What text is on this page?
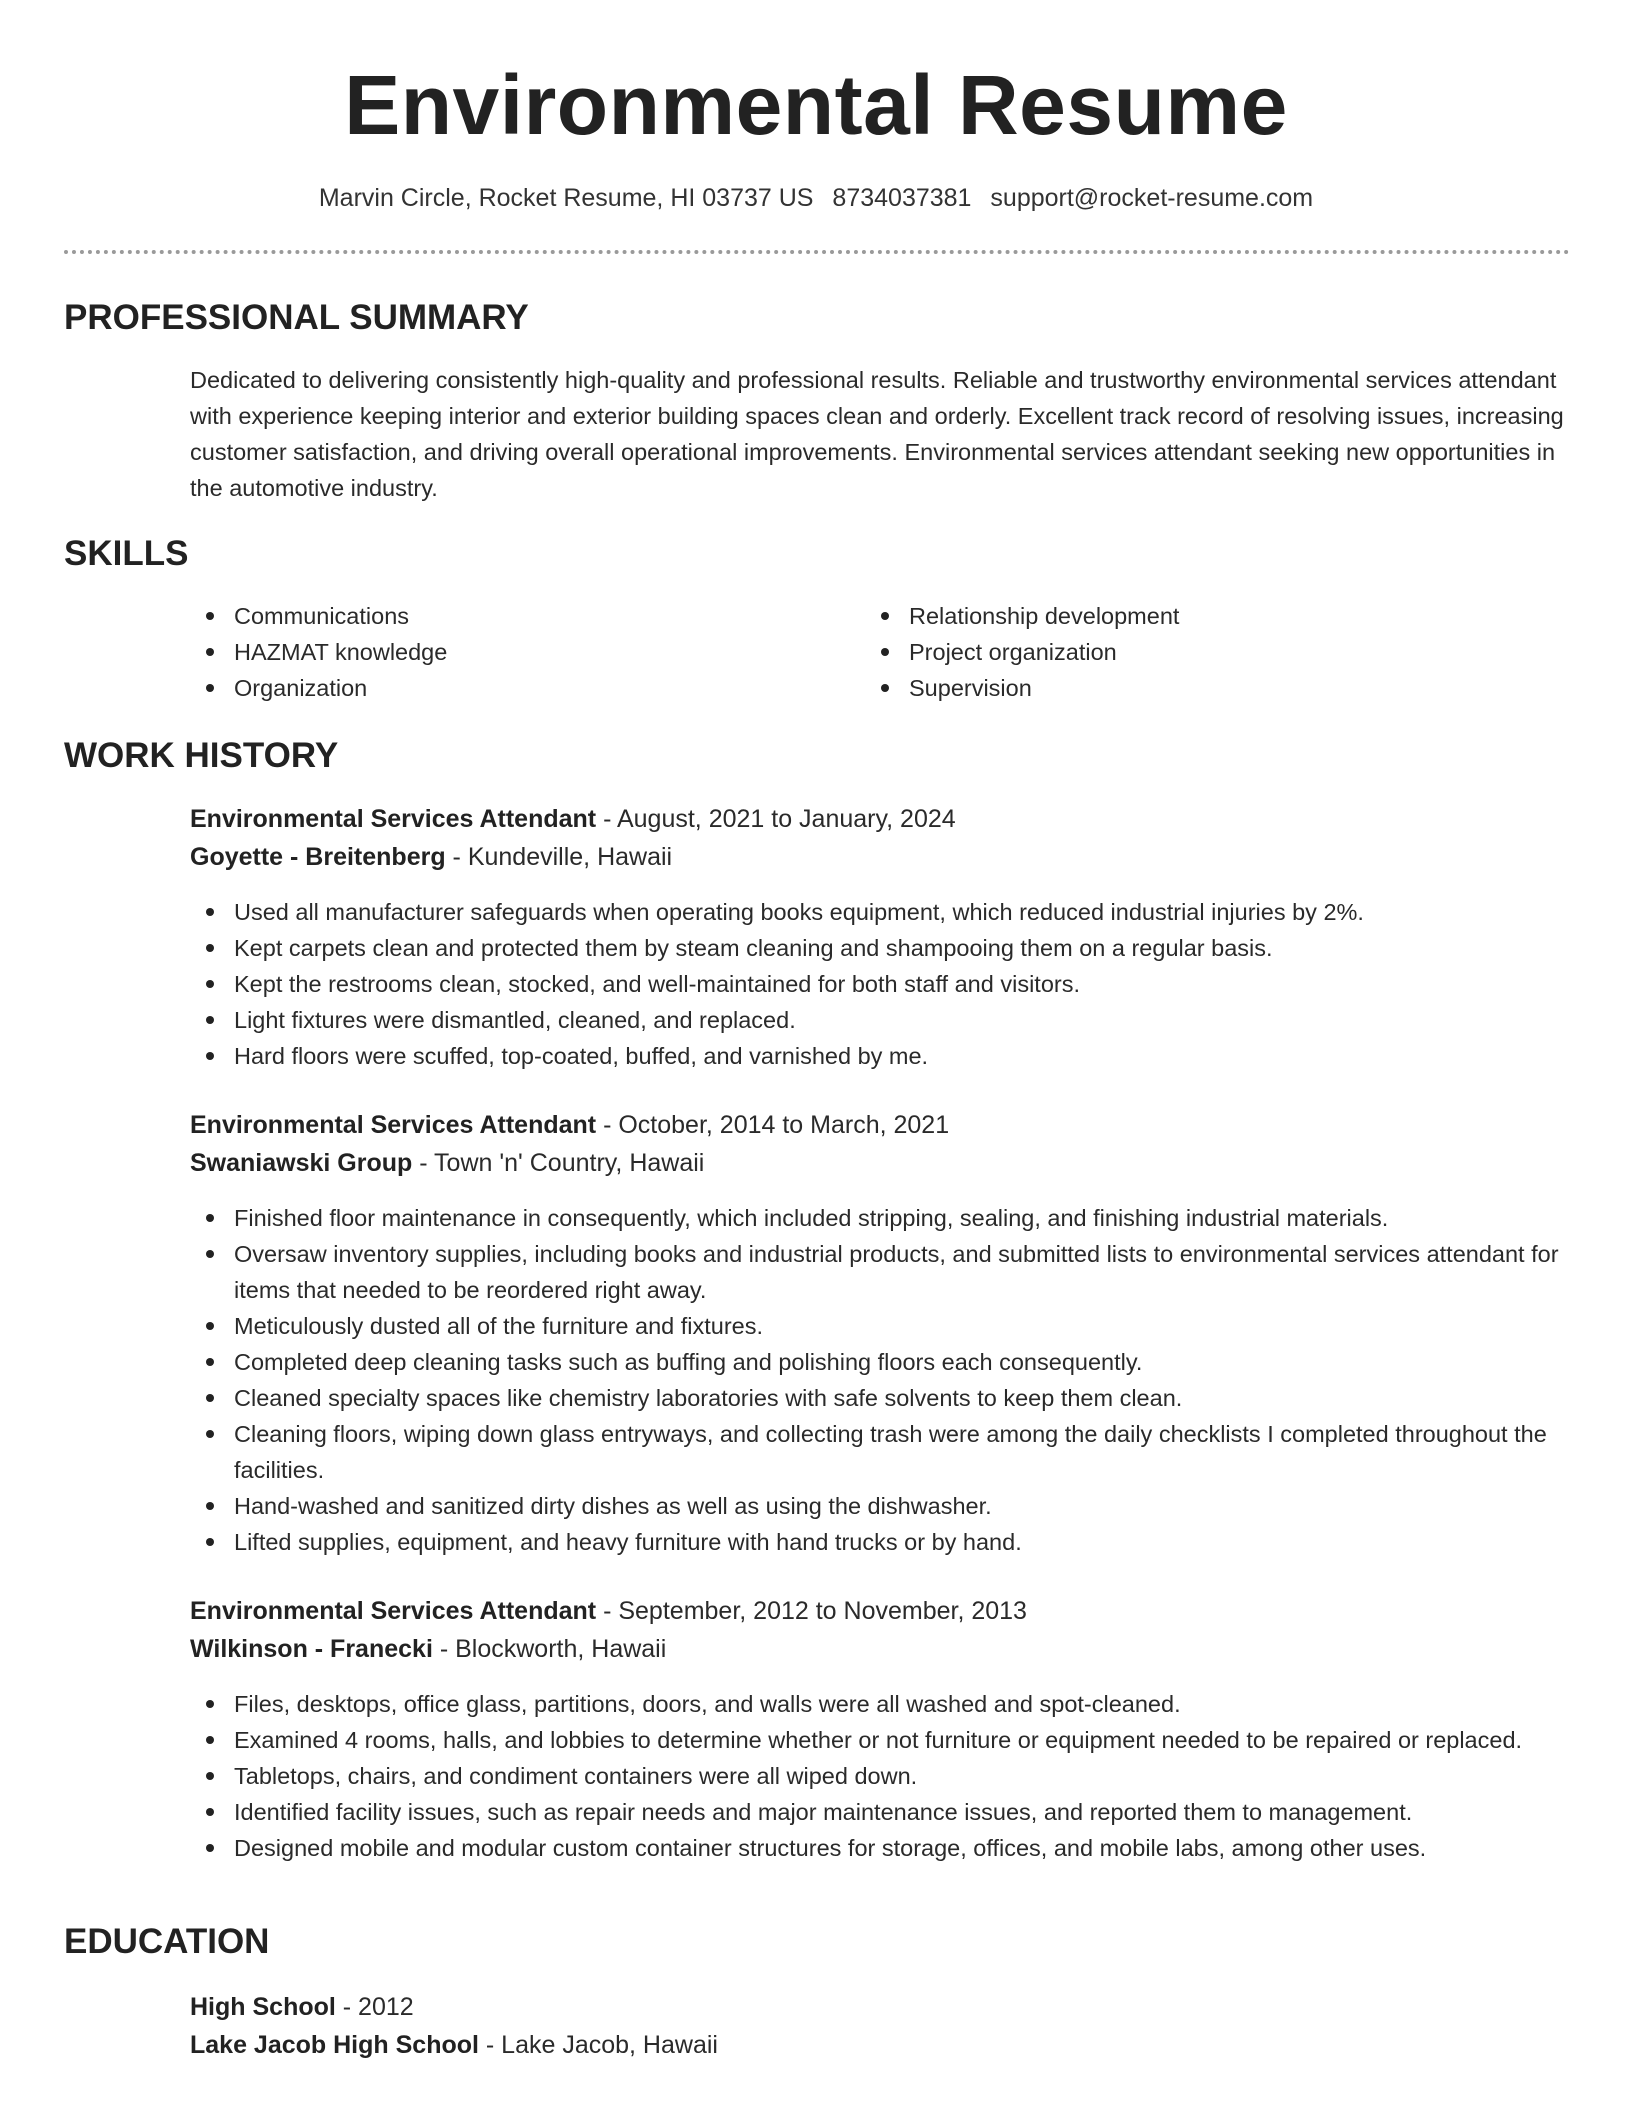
Environmental Resume
Marvin Circle, Rocket Resume, HI 03737 US 8734037381 support@rocket-resume.com
PROFESSIONAL SUMMARY
Dedicated to delivering consistently high-quality and professional results. Reliable and trustworthy environmental services attendant with experience keeping interior and exterior building spaces clean and orderly. Excellent track record of resolving issues, increasing customer satisfaction, and driving overall operational improvements. Environmental services attendant seeking new opportunities in the automotive industry.
SKILLS
Communications
HAZMAT knowledge
Organization
Relationship development
Project organization
Supervision
WORK HISTORY
Environmental Services Attendant - August, 2021 to January, 2024
Goyette - Breitenberg - Kundeville, Hawaii
Used all manufacturer safeguards when operating books equipment, which reduced industrial injuries by 2%.
Kept carpets clean and protected them by steam cleaning and shampooing them on a regular basis.
Kept the restrooms clean, stocked, and well-maintained for both staff and visitors.
Light fixtures were dismantled, cleaned, and replaced.
Hard floors were scuffed, top-coated, buffed, and varnished by me.
Environmental Services Attendant - October, 2014 to March, 2021
Swaniawski Group - Town 'n' Country, Hawaii
Finished floor maintenance in consequently, which included stripping, sealing, and finishing industrial materials.
Oversaw inventory supplies, including books and industrial products, and submitted lists to environmental services attendant for items that needed to be reordered right away.
Meticulously dusted all of the furniture and fixtures.
Completed deep cleaning tasks such as buffing and polishing floors each consequently.
Cleaned specialty spaces like chemistry laboratories with safe solvents to keep them clean.
Cleaning floors, wiping down glass entryways, and collecting trash were among the daily checklists I completed throughout the facilities.
Hand-washed and sanitized dirty dishes as well as using the dishwasher.
Lifted supplies, equipment, and heavy furniture with hand trucks or by hand.
Environmental Services Attendant - September, 2012 to November, 2013
Wilkinson - Franecki - Blockworth, Hawaii
Files, desktops, office glass, partitions, doors, and walls were all washed and spot-cleaned.
Examined 4 rooms, halls, and lobbies to determine whether or not furniture or equipment needed to be repaired or replaced.
Tabletops, chairs, and condiment containers were all wiped down.
Identified facility issues, such as repair needs and major maintenance issues, and reported them to management.
Designed mobile and modular custom container structures for storage, offices, and mobile labs, among other uses.
EDUCATION
High School - 2012
Lake Jacob High School - Lake Jacob, Hawaii
